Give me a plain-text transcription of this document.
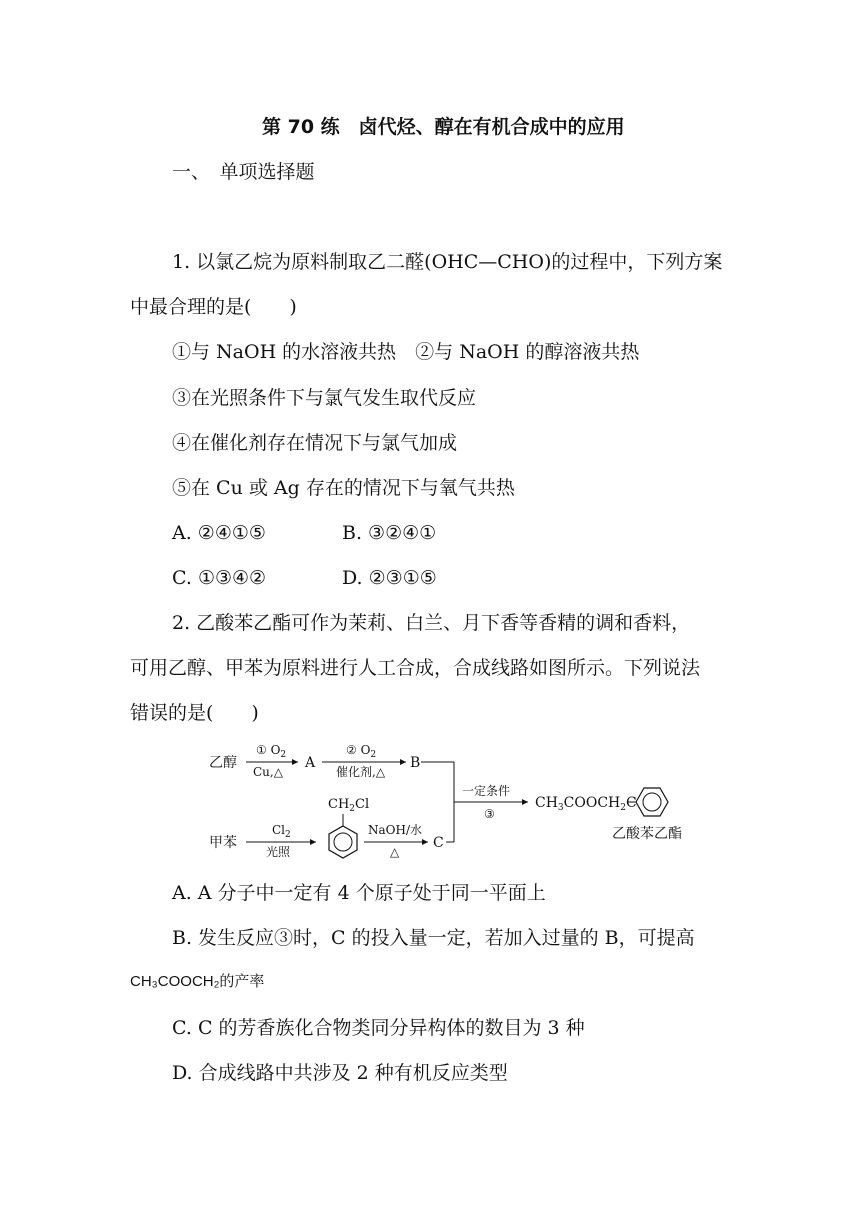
第 70 练　卤代烃、醇在有机合成中的应用
一、　单项选择题
1. 以氯乙烷为原料制取乙二醛(OHC—CHO)的过程中，下列方案
中最合理的是(　　)
①与 NaOH 的水溶液共热　②与 NaOH 的醇溶液共热
③在光照条件下与氯气发生取代反应
④在催化剂存在情况下与氯气加成
⑤在 Cu 或 Ag 存在的情况下与氧气共热
A. ②④①⑤	B. ③②④①
C. ①③④②	D. ②③①⑤
2. 乙酸苯乙酯可作为茉莉、白兰、月下香等香精的调和香料，
可用乙醇、甲苯为原料进行人工合成，合成线路如图所示。下列说法
错误的是(　　)
乙醇
① $O_2$
Cu,△
A
② $O_2$
催化剂,△
B
甲苯
$Cl_2$
光照
$CH_2Cl$
NaOH/水
△
C
一定条件
③
$CH_3COOCH_2C$
乙酸苯乙酯
A. A 分子中一定有 4 个原子处于同一平面上
B. 发生反应③时，C 的投入量一定，若加入过量的 B，可提高
CH₃COOCH₂的产率
C. C 的芳香族化合物类同分异构体的数目为 3 种
D. 合成线路中共涉及 2 种有机反应类型
